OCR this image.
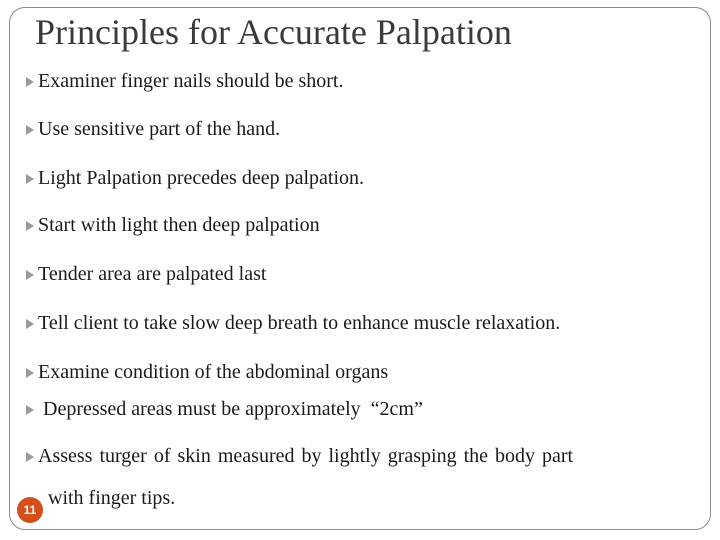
Principles for Accurate Palpation
Examiner finger nails should be short.
Use sensitive part of the hand.
Light Palpation precedes deep palpation.
Start with light then deep palpation
Tender area are palpated last
Tell client to take slow deep breath to enhance muscle relaxation.
Examine condition of the abdominal organs
Depressed areas must be approximately  “2cm”
Assess turger of skin measured by lightly grasping the body part
with finger tips.
11
